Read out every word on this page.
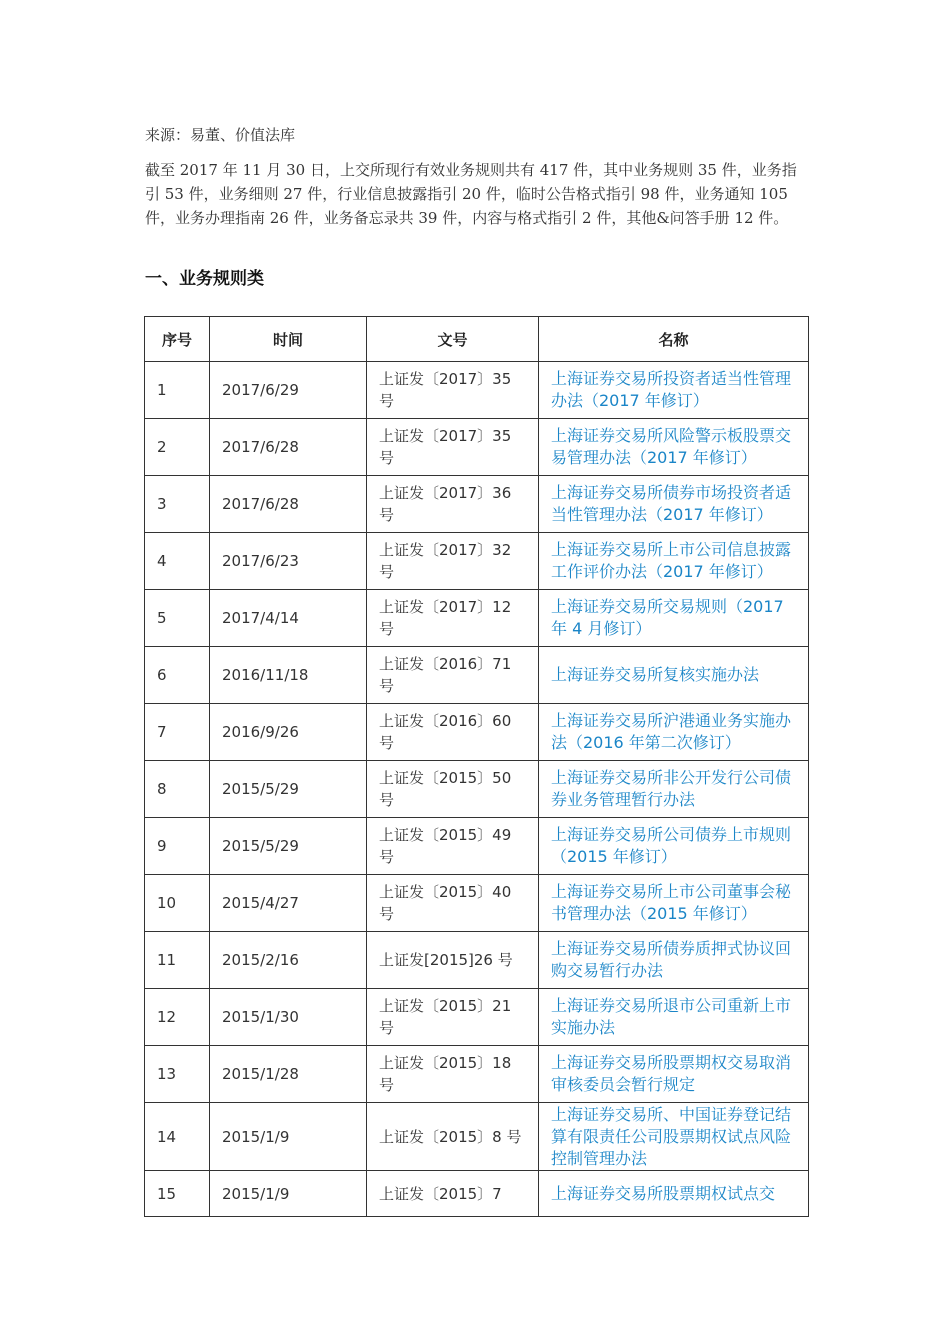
来源：易董、价值法库
截至 2017 年 11 月 30 日，上交所现行有效业务规则共有 417 件，其中业务规则 35 件，业务指引 53 件，业务细则 27 件，行业信息披露指引 20 件，临时公告格式指引 98 件，业务通知 105 件，业务办理指南 26 件，业务备忘录共 39 件，内容与格式指引 2 件，其他&问答手册 12 件。
一、业务规则类
序号	时间	文号	名称
1	2017/6/29	上证发〔2017〕35 号	上海证券交易所投资者适当性管理办法（2017 年修订）
2	2017/6/28	上证发〔2017〕35 号	上海证券交易所风险警示板股票交易管理办法（2017 年修订）
3	2017/6/28	上证发〔2017〕36 号	上海证券交易所债券市场投资者适当性管理办法（2017 年修订）
4	2017/6/23	上证发〔2017〕32 号	上海证券交易所上市公司信息披露工作评价办法（2017 年修订）
5	2017/4/14	上证发〔2017〕12 号	上海证券交易所交易规则（2017 年 4 月修订）
6	2016/11/18	上证发〔2016〕71 号	上海证券交易所复核实施办法
7	2016/9/26	上证发〔2016〕60 号	上海证券交易所沪港通业务实施办法（2016 年第二次修订）
8	2015/5/29	上证发〔2015〕50 号	上海证券交易所非公开发行公司债券业务管理暂行办法
9	2015/5/29	上证发〔2015〕49 号	上海证券交易所公司债券上市规则（2015 年修订）
10	2015/4/27	上证发〔2015〕40 号	上海证券交易所上市公司董事会秘书管理办法（2015 年修订）
11	2015/2/16	上证发[2015]26 号	上海证券交易所债券质押式协议回购交易暂行办法
12	2015/1/30	上证发〔2015〕21 号	上海证券交易所退市公司重新上市实施办法
13	2015/1/28	上证发〔2015〕18 号	上海证券交易所股票期权交易取消审核委员会暂行规定
14	2015/1/9	上证发〔2015〕8 号	上海证券交易所、中国证券登记结算有限责任公司股票期权试点风险控制管理办法
15	2015/1/9	上证发〔2015〕7	上海证券交易所股票期权试点交
